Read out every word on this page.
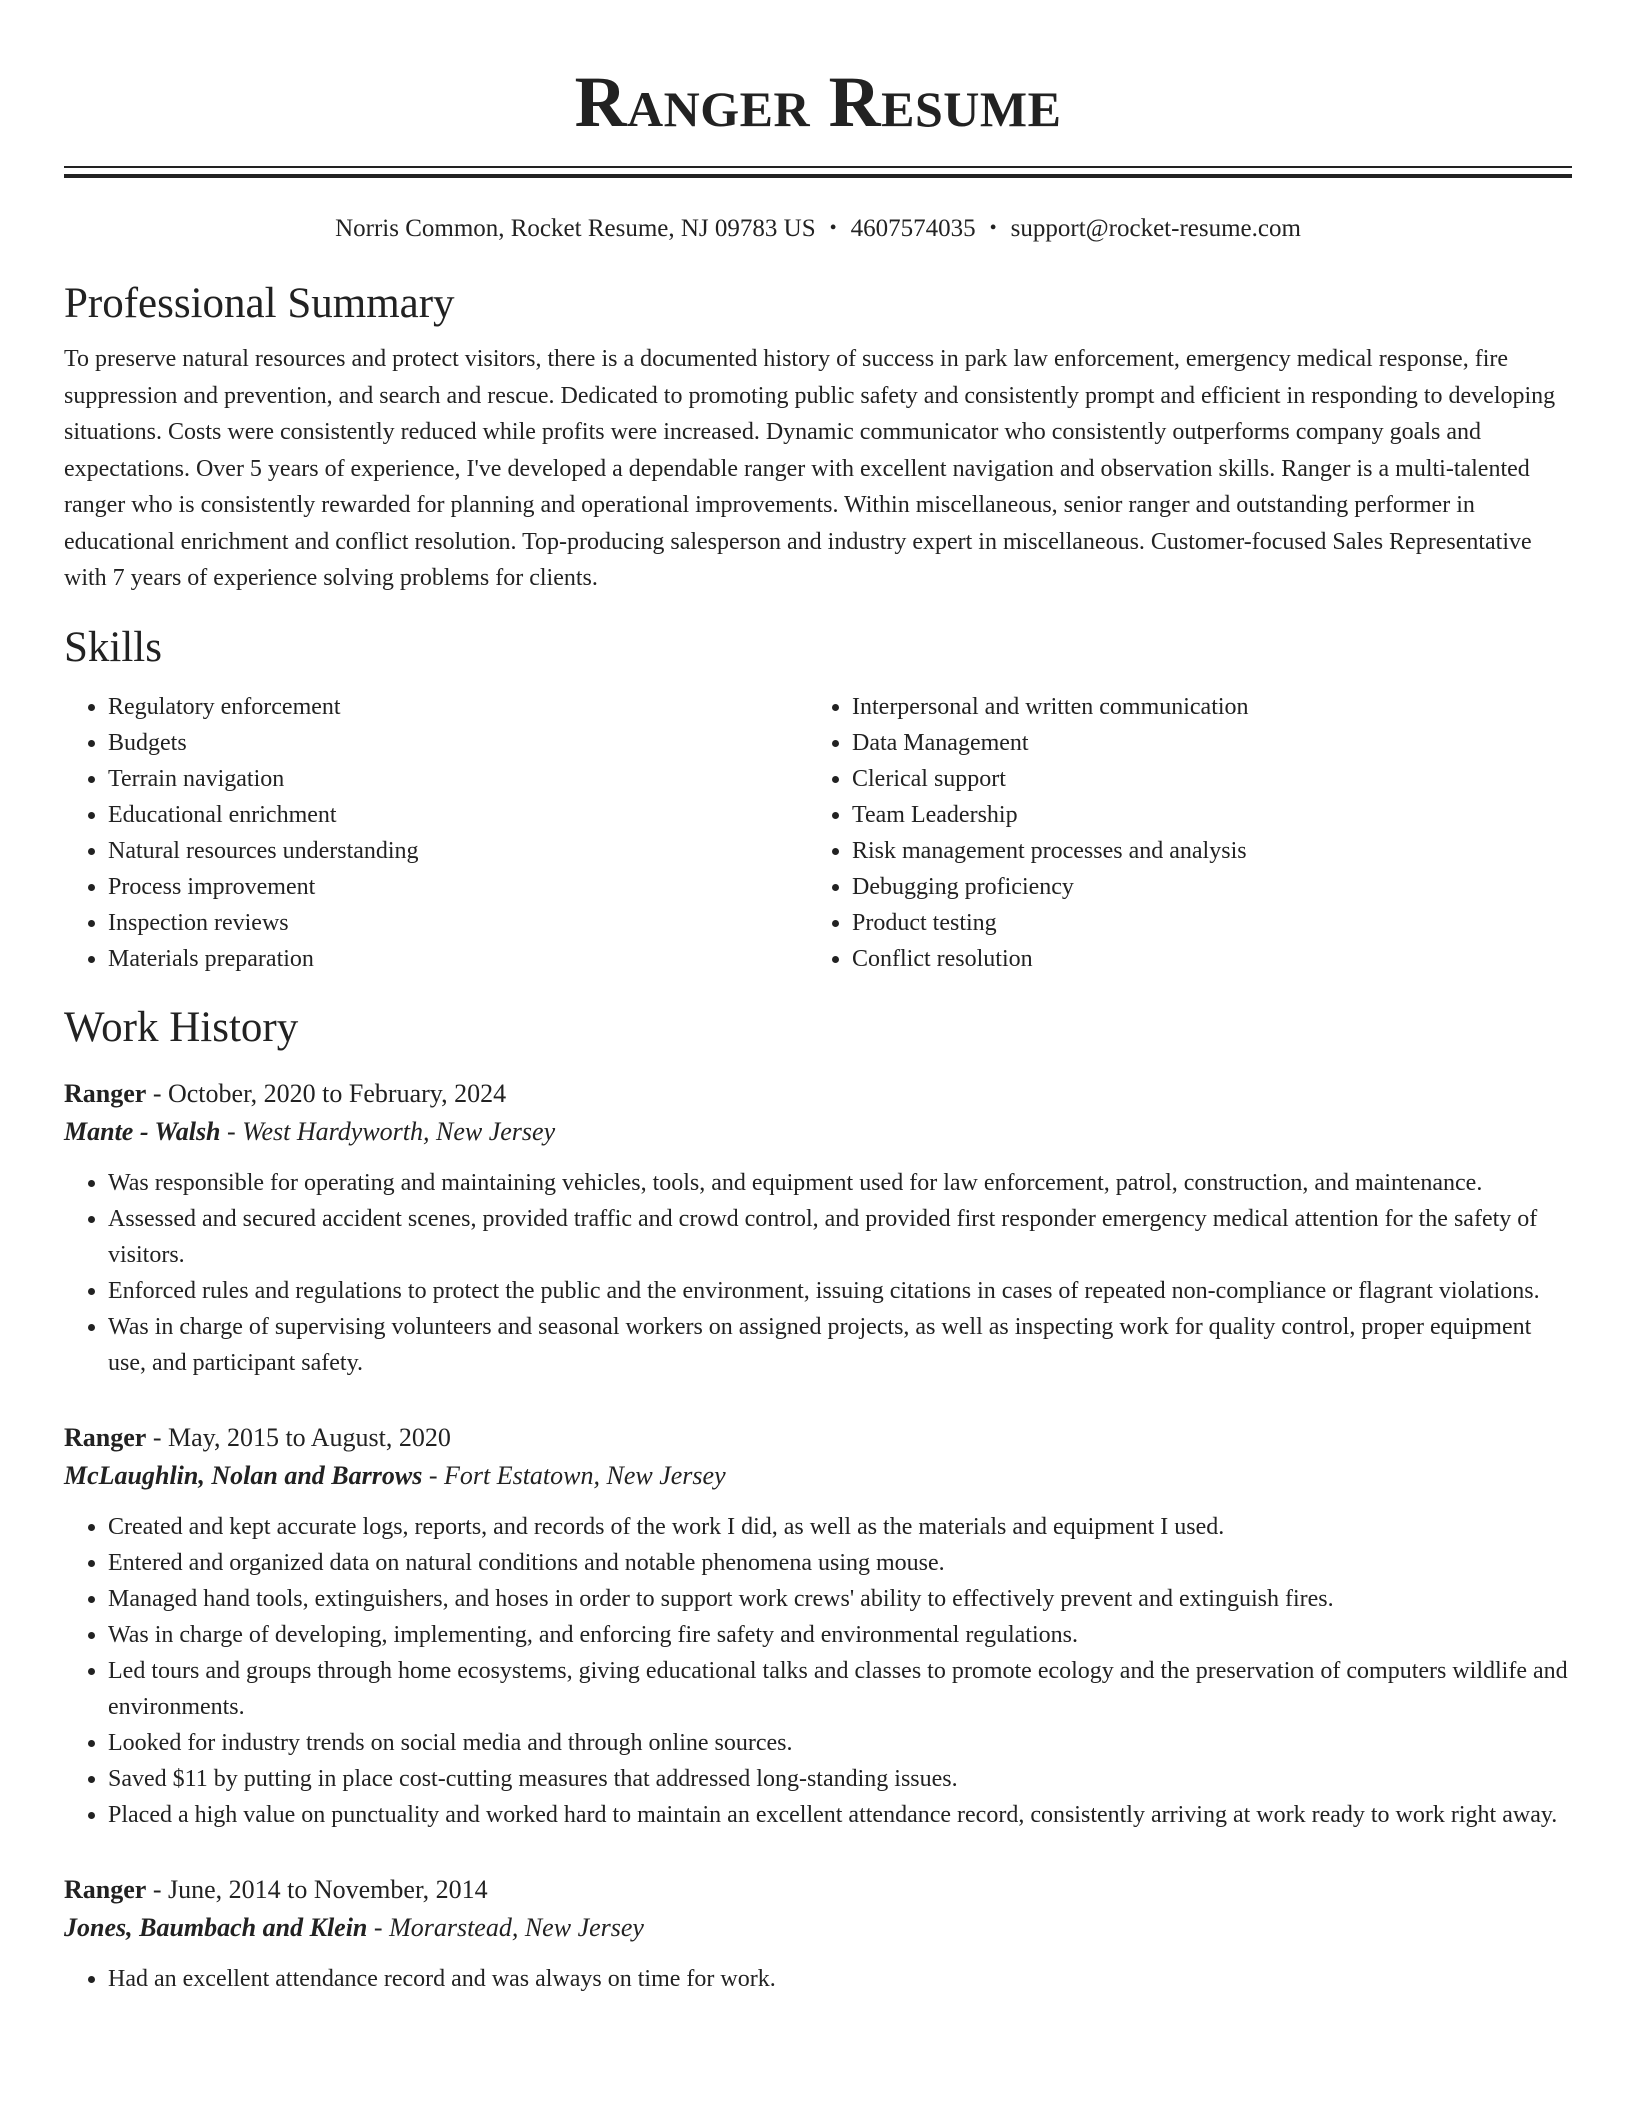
Ranger Resume
Norris Common, Rocket Resume, NJ 09783 US • 4607574035 • support@rocket-resume.com
Professional Summary
To preserve natural resources and protect visitors, there is a documented history of success in park law enforcement, emergency medical response, fire suppression and prevention, and search and rescue. Dedicated to promoting public safety and consistently prompt and efficient in responding to developing situations. Costs were consistently reduced while profits were increased. Dynamic communicator who consistently outperforms company goals and expectations. Over 5 years of experience, I've developed a dependable ranger with excellent navigation and observation skills. Ranger is a multi-talented ranger who is consistently rewarded for planning and operational improvements. Within miscellaneous, senior ranger and outstanding performer in educational enrichment and conflict resolution. Top-producing salesperson and industry expert in miscellaneous. Customer-focused Sales Representative with 7 years of experience solving problems for clients.
Skills
• Regulatory enforcement
• Budgets
• Terrain navigation
• Educational enrichment
• Natural resources understanding
• Process improvement
• Inspection reviews
• Materials preparation
• Interpersonal and written communication
• Data Management
• Clerical support
• Team Leadership
• Risk management processes and analysis
• Debugging proficiency
• Product testing
• Conflict resolution
Work History
Ranger - October, 2020 to February, 2024
Mante - Walsh - West Hardyworth, New Jersey
• Was responsible for operating and maintaining vehicles, tools, and equipment used for law enforcement, patrol, construction, and maintenance.
• Assessed and secured accident scenes, provided traffic and crowd control, and provided first responder emergency medical attention for the safety of visitors.
• Enforced rules and regulations to protect the public and the environment, issuing citations in cases of repeated non-compliance or flagrant violations.
• Was in charge of supervising volunteers and seasonal workers on assigned projects, as well as inspecting work for quality control, proper equipment use, and participant safety.
Ranger - May, 2015 to August, 2020
McLaughlin, Nolan and Barrows - Fort Estatown, New Jersey
• Created and kept accurate logs, reports, and records of the work I did, as well as the materials and equipment I used.
• Entered and organized data on natural conditions and notable phenomena using mouse.
• Managed hand tools, extinguishers, and hoses in order to support work crews' ability to effectively prevent and extinguish fires.
• Was in charge of developing, implementing, and enforcing fire safety and environmental regulations.
• Led tours and groups through home ecosystems, giving educational talks and classes to promote ecology and the preservation of computers wildlife and environments.
• Looked for industry trends on social media and through online sources.
• Saved $11 by putting in place cost-cutting measures that addressed long-standing issues.
• Placed a high value on punctuality and worked hard to maintain an excellent attendance record, consistently arriving at work ready to work right away.
Ranger - June, 2014 to November, 2014
Jones, Baumbach and Klein - Morarstead, New Jersey
• Had an excellent attendance record and was always on time for work.
